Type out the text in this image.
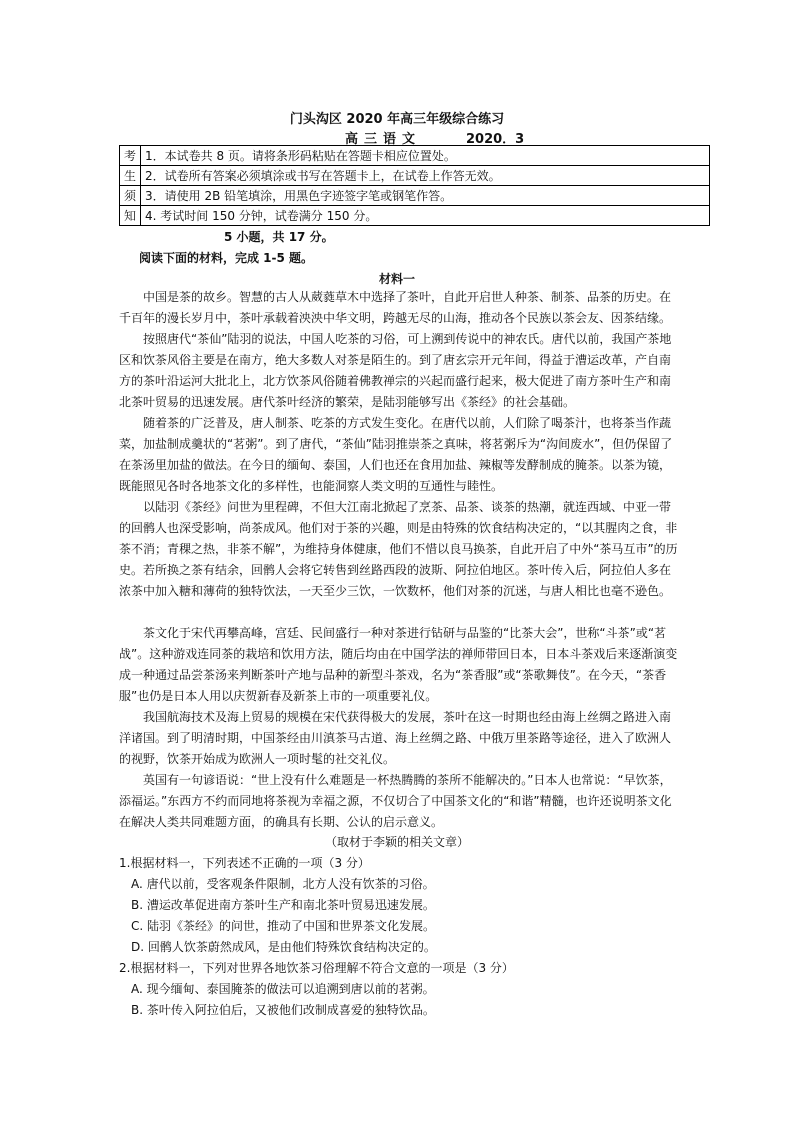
门头沟区 2020 年高三年级综合练习
高三语文	2020．3
考	1．本试卷共 8 页。请将条形码粘贴在答题卡相应位置处。
生	2．试卷所有答案必须填涂或书写在答题卡上，在试卷上作答无效。
须	3．请使用 2B 铅笔填涂，用黑色字迹签字笔或钢笔作答。
知	4. 考试时间 150 分钟，试卷满分 150 分。
5 小题，共 17 分。
阅读下面的材料，完成 1-5 题。
材料一

中国是茶的故乡。智慧的古人从葳蕤草木中选择了茶叶，自此开启世人种茶、制茶、品茶的历史。在千百年的漫长岁月中，茶叶承载着泱泱中华文明，跨越无尽的山海，推动各个民族以茶会友、因茶结缘。

按照唐代“茶仙”陆羽的说法，中国人吃茶的习俗，可上溯到传说中的神农氏。唐代以前，我国产茶地区和饮茶风俗主要是在南方，绝大多数人对茶是陌生的。到了唐玄宗开元年间，得益于漕运改革，产自南方的茶叶沿运河大批北上，北方饮茶风俗随着佛教禅宗的兴起而盛行起来，极大促进了南方茶叶生产和南北茶叶贸易的迅速发展。唐代茶叶经济的繁荣，是陆羽能够写出《茶经》的社会基础。

随着茶的广泛普及，唐人制茶、吃茶的方式发生变化。在唐代以前，人们除了喝茶汁，也将茶当作蔬菜，加盐制成羹状的“茗粥”。到了唐代，“茶仙”陆羽推崇茶之真味，将茗粥斥为“沟间废水”，但仍保留了在茶汤里加盐的做法。在今日的缅甸、泰国，人们也还在食用加盐、辣椒等发酵制成的腌茶。以茶为镜，既能照见各时各地茶文化的多样性，也能洞察人类文明的互通性与睦性。

以陆羽《茶经》问世为里程碑，不但大江南北掀起了烹茶、品茶、谈茶的热潮，就连西域、中亚一带的回鹘人也深受影响，尚茶成风。他们对于茶的兴趣，则是由特殊的饮食结构决定的，“以其腥肉之食，非茶不消；青稞之热，非茶不解”，为维持身体健康，他们不惜以良马换茶，自此开启了中外“茶马互市”的历史。若所换之茶有结余，回鹘人会将它转售到丝路西段的波斯、阿拉伯地区。茶叶传入后，阿拉伯人多在浓茶中加入糖和薄荷的独特饮法，一天至少三饮，一饮数杯，他们对茶的沉迷，与唐人相比也毫不逊色。

茶文化于宋代再攀高峰，宫廷、民间盛行一种对茶进行钻研与品鉴的“比茶大会”，世称“斗茶”或“茗战”。这种游戏连同茶的栽培和饮用方法，随后均由在中国学法的禅师带回日本，日本斗茶戏后来逐渐演变成一种通过品尝茶汤来判断茶叶产地与品种的新型斗茶戏，名为“茶香服”或“茶歌舞伎”。在今天，“茶香服”也仍是日本人用以庆贺新春及新茶上市的一项重要礼仪。

我国航海技术及海上贸易的规模在宋代获得极大的发展，茶叶在这一时期也经由海上丝绸之路进入南洋诸国。到了明清时期，中国茶经由川滇茶马古道、海上丝绸之路、中俄万里茶路等途径，进入了欧洲人的视野，饮茶开始成为欧洲人一项时髦的社交礼仪。

英国有一句谚语说：“世上没有什么难题是一杯热腾腾的茶所不能解决的。”日本人也常说：“早饮茶，添福运。”东西方不约而同地将茶视为幸福之源，不仅切合了中国茶文化的“和谐”精髓，也许还说明茶文化在解决人类共同难题方面，的确具有长期、公认的启示意义。

（取材于李颖的相关文章）
1.根据材料一，下列表述不正确的一项（3 分）
A. 唐代以前，受客观条件限制，北方人没有饮茶的习俗。
B. 漕运改革促进南方茶叶生产和南北茶叶贸易迅速发展。
C. 陆羽《茶经》的问世，推动了中国和世界茶文化发展。
D. 回鹘人饮茶蔚然成风，是由他们特殊饮食结构决定的。
2.根据材料一，下列对世界各地饮茶习俗理解不符合文意的一项是（3 分）
A. 现今缅甸、泰国腌茶的做法可以追溯到唐以前的茗粥。
B. 茶叶传入阿拉伯后，又被他们改制成喜爱的独特饮品。
